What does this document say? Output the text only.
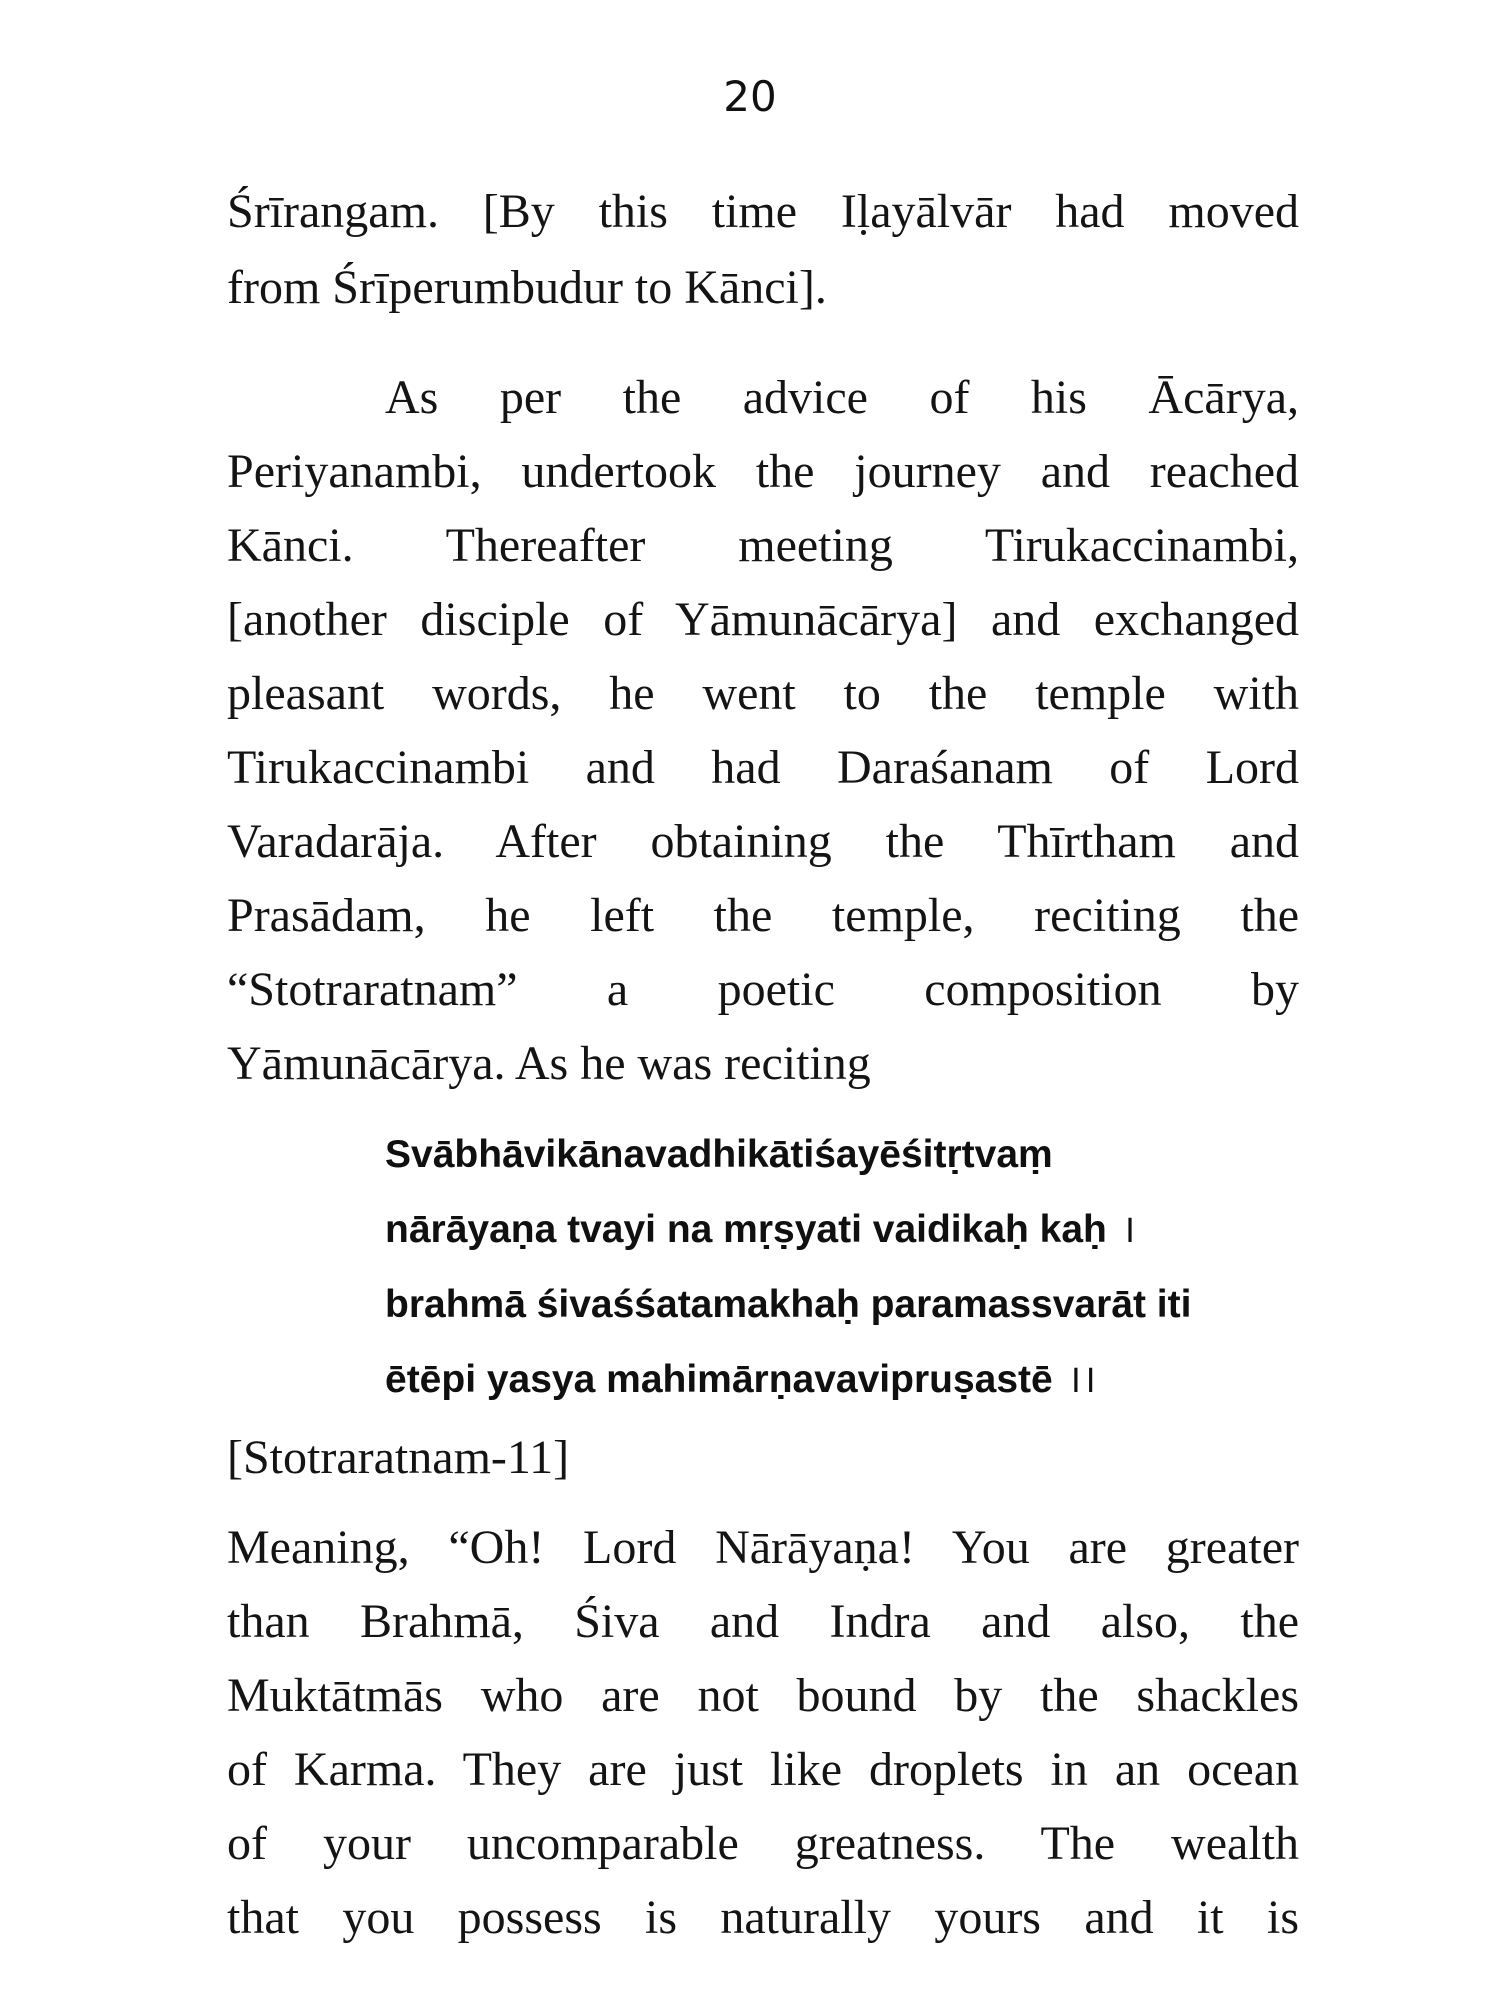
20
Śrīrangam. [By this time Iḷayālvār had moved
from Śrīperumbudur to Kānci].
As per the advice of his Ācārya,
Periyanambi, undertook the journey and reached
Kānci. Thereafter meeting Tirukaccinambi,
[another disciple of Yāmunācārya] and exchanged
pleasant words, he went to the temple with
Tirukaccinambi and had Daraśanam of Lord
Varadarāja. After obtaining the Thīrtham and
Prasādam, he left the temple, reciting the
“Stotraratnam” a poetic composition by
Yāmunācārya. As he was reciting
Svābhāvikānavadhikātiśayēśitṛtvaṃ
nārāyaṇa tvayi na mṛṣyati vaidikaḥ kaḥ ।
brahmā śivaśśatamakhaḥ paramassvarāt iti
ētēpi yasya mahimārṇavavipruṣastē ।।
[Stotraratnam-11]
Meaning, “Oh! Lord Nārāyaṇa! You are greater
than Brahmā, Śiva and Indra and also, the
Muktātmās who are not bound by the shackles
of Karma. They are just like droplets in an ocean
of your uncomparable greatness. The wealth
that you possess is naturally yours and it is
